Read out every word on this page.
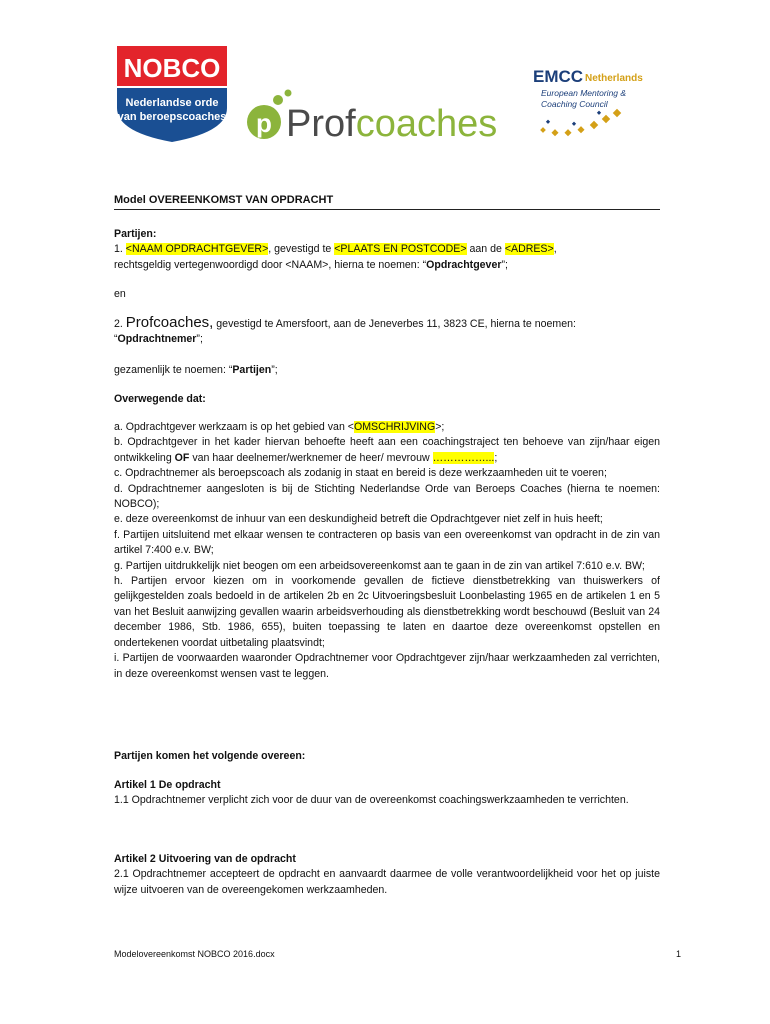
NOBCO
Nederlandse orde
van beroepscoaches p Profcoaches
EMCC Netherlands
European Mentoring &
Coaching Council
Model OVEREENKOMST VAN OPDRACHT

Partijen:

1. <NAAM OPDRACHTGEVER>, gevestigd te <PLAATS EN POSTCODE> aan de <ADRES>,
rechtsgeldig vertegenwoordigd door <NAAM>, hierna te noemen: “Opdrachtgever”;

en

2. Profcoaches, gevestigd te Amersfoort, aan de Jeneverbes 11, 3823 CE, hierna te noemen:

“Opdrachtnemer”;

gezamenlijk te noemen: “Partijen”;
Overwegende dat:

a. Opdrachtgever werkzaam is op het gebied van <OMSCHRIJVING>;

b. Opdrachtgever in het kader hiervan behoefte heeft aan een coachingstraject ten behoeve van zijn/haar eigen ontwikkeling OF van haar deelnemer/werknemer de heer/ mevrouw ……………...;

c. Opdrachtnemer als beroepscoach als zodanig in staat en bereid is deze werkzaamheden uit te voeren;

d. Opdrachtnemer aangesloten is bij de Stichting Nederlandse Orde van Beroeps Coaches (hierna te noemen: NOBCO);

e. deze overeenkomst de inhuur van een deskundigheid betreft die Opdrachtgever niet zelf in huis heeft;

f. Partijen uitsluitend met elkaar wensen te contracteren op basis van een overeenkomst van opdracht in de zin van artikel 7:400 e.v. BW;

g. Partijen uitdrukkelijk niet beogen om een arbeidsovereenkomst aan te gaan in de zin van artikel 7:610 e.v. BW;

h. Partijen ervoor kiezen om in voorkomende gevallen de fictieve dienstbetrekking van thuiswerkers of gelijkgestelden zoals bedoeld in de artikelen 2b en 2c Uitvoeringsbesluit Loonbelasting 1965 en de artikelen 1 en 5 van het Besluit aanwijzing gevallen waarin arbeidsverhouding als dienstbetrekking wordt beschouwd (Besluit van 24 december 1986, Stb. 1986, 655), buiten toepassing te laten en daartoe deze overeenkomst opstellen en ondertekenen voordat uitbetaling plaatsvindt;

i. Partijen de voorwaarden waaronder Opdrachtnemer voor Opdrachtgever zijn/haar werkzaamheden zal verrichten, in deze overeenkomst wensen vast te leggen.

Partijen komen het volgende overeen:

Artikel 1 De opdracht

1.1 Opdrachtnemer verplicht zich voor de duur van de overeenkomst coachingswerkzaamheden te verrichten.

Artikel 2 Uitvoering van de opdracht

2.1 Opdrachtnemer accepteert de opdracht en aanvaardt daarmee de volle verantwoordelijkheid voor het op juiste wijze uitvoeren van de overeengekomen werkzaamheden.

Modelovereenkomst NOBCO 2016.docx	1
